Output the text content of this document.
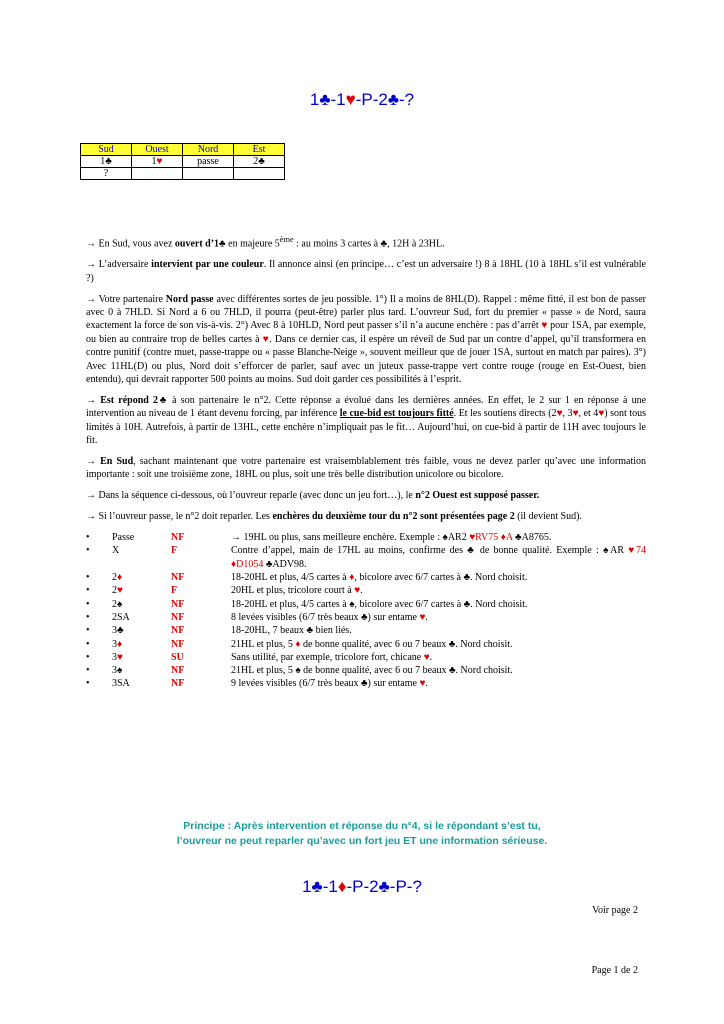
1♣-1♥-P-2♣-?
Sud	Ouest	Nord	Est
1♣	1♥	passe	2♣
?			

→ En Sud, vous avez ouvert d’1♣ en majeure 5ème : au moins 3 cartes à ♣, 12H à 23HL.

→ L’adversaire intervient par une couleur. Il annonce ainsi (en principe… c’est un adversaire !) 8 à 18HL (10 à 18HL s’il est vulnérable ?)

→ Votre partenaire Nord passe avec différentes sortes de jeu possible. 1°) Il a moins de 8HL(D). Rappel : même fitté, il est bon de passer avec 0 à 7HLD. Si Nord a 6 ou 7HLD, il pourra (peut-être) parler plus tard. L’ouvreur Sud, fort du premier « passe » de Nord, saura exactement la force de son vis-à-vis. 2°) Avec 8 à 10HLD, Nord peut passer s’il n’a aucune enchère : pas d’arrêt ♥ pour 1SA, par exemple, ou bien au contraire trop de belles cartes à ♥. Dans ce dernier cas, il espère un réveil de Sud par un contre d’appel, qu’il transformera en contre punitif (contre muet, passe-trappe ou « passe Blanche-Neige », souvent meilleur que de jouer 1SA, surtout en match par paires). 3°) Avec 11HL(D) ou plus, Nord doit s’efforcer de parler, sauf avec un juteux passe-trappe vert contre rouge (rouge en Est-Ouest, bien entendu), qui devrait rapporter 500 points au moins. Sud doit garder ces possibilités à l’esprit.

→ Est répond 2♣ à son partenaire le n°2. Cette réponse a évolué dans les dernières années. En effet, le 2 sur 1 en réponse à une intervention au niveau de 1 étant devenu forcing, par inférence le cue-bid est toujours fitté. Et les soutiens directs (2♥, 3♥, et 4♥) sont tous limités à 10H. Autrefois, à partir de 13HL, cette enchère n’impliquait pas le fit… Aujourd’hui, on cue-bid à partir de 11H avec toujours le fit.

→ En Sud, sachant maintenant que votre partenaire est vraisemblablement très faible, vous ne devez parler qu’avec une information importante : soit une troisième zone, 18HL ou plus, soit une très belle distribution unicolore ou bicolore.

→ Dans la séquence ci-dessous, où l’ouvreur reparle (avec donc un jeu fort…), le n°2 Ouest est supposé passer.

→ Si l’ouvreur passe, le n°2 doit reparler. Les enchères du deuxième tour du n°2 sont présentées page 2 (il devient Sud).

• Passe	NF	→ 19HL ou plus, sans meilleure enchère. Exemple : ♠AR2 ♥RV75 ♦A ♣A8765.
• X	F	Contre d’appel, main de 17HL au moins, confirme des ♣ de bonne qualité. Exemple : ♠AR ♥74 ♦D1054 ♣ADV98.
• 2♦	NF	18-20HL et plus, 4/5 cartes à ♦, bicolore avec 6/7 cartes à ♣. Nord choisit.
• 2♥	F	20HL et plus, tricolore court à ♥.
• 2♠	NF	18-20HL et plus, 4/5 cartes à ♠, bicolore avec 6/7 cartes à ♣. Nord choisit.
• 2SA	NF	8 levées visibles (6/7 très beaux ♣) sur entame ♥.
• 3♣	NF	18-20HL, 7 beaux ♣ bien liés.
• 3♦	NF	21HL et plus, 5 ♦ de bonne qualité, avec 6 ou 7 beaux ♣. Nord choisit.
• 3♥	SU	Sans utilité, par exemple, tricolore fort, chicane ♥.
• 3♠	NF	21HL et plus, 5 ♠ de bonne qualité, avec 6 ou 7 beaux ♣. Nord choisit.
• 3SA	NF	9 levées visibles (6/7 très beaux ♣) sur entame ♥.
Principe : Après intervention et réponse du n°4, si le répondant s’est tu,
l’ouvreur ne peut reparler qu’avec un fort jeu ET une information sérieuse.
1♣-1♦-P-2♣-P-?
Voir page 2
Page 1 de 2
